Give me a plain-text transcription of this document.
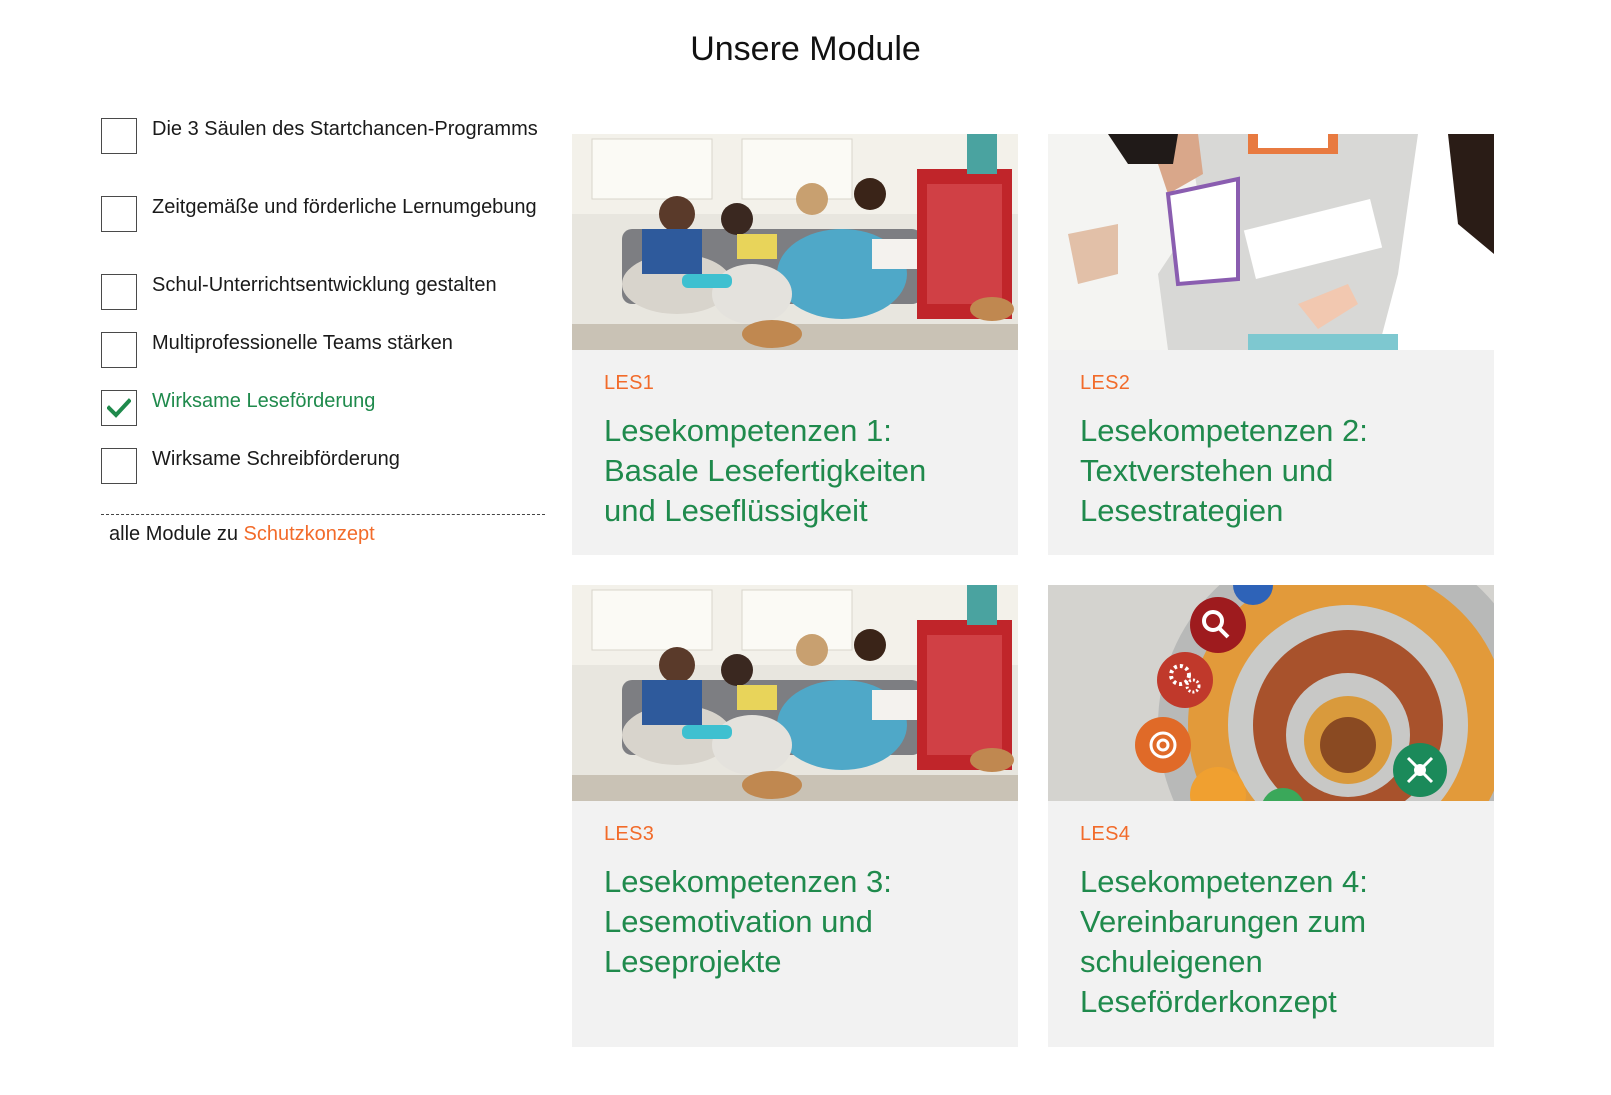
Unsere Module
Die 3 Säulen des Startchancen-Programms
Zeitgemäße und förderliche Lernumgebung
Schul-Unterrichtsentwicklung gestalten
Multiprofessionelle Teams stärken
Wirksame Leseförderung
Wirksame Schreibförderung
alle Module zu Schutzkonzept
LES1
Lesekompetenzen 1: Basale Lesefertigkeiten und Leseflüssigkeit
LES2
Lesekompetenzen 2: Textverstehen und Lesestrategien
LES3
Lesekompetenzen 3: Lesemotivation und Leseprojekte
LES4
Lesekompetenzen 4: Vereinbarungen zum schuleigenen Leseförderkonzept
